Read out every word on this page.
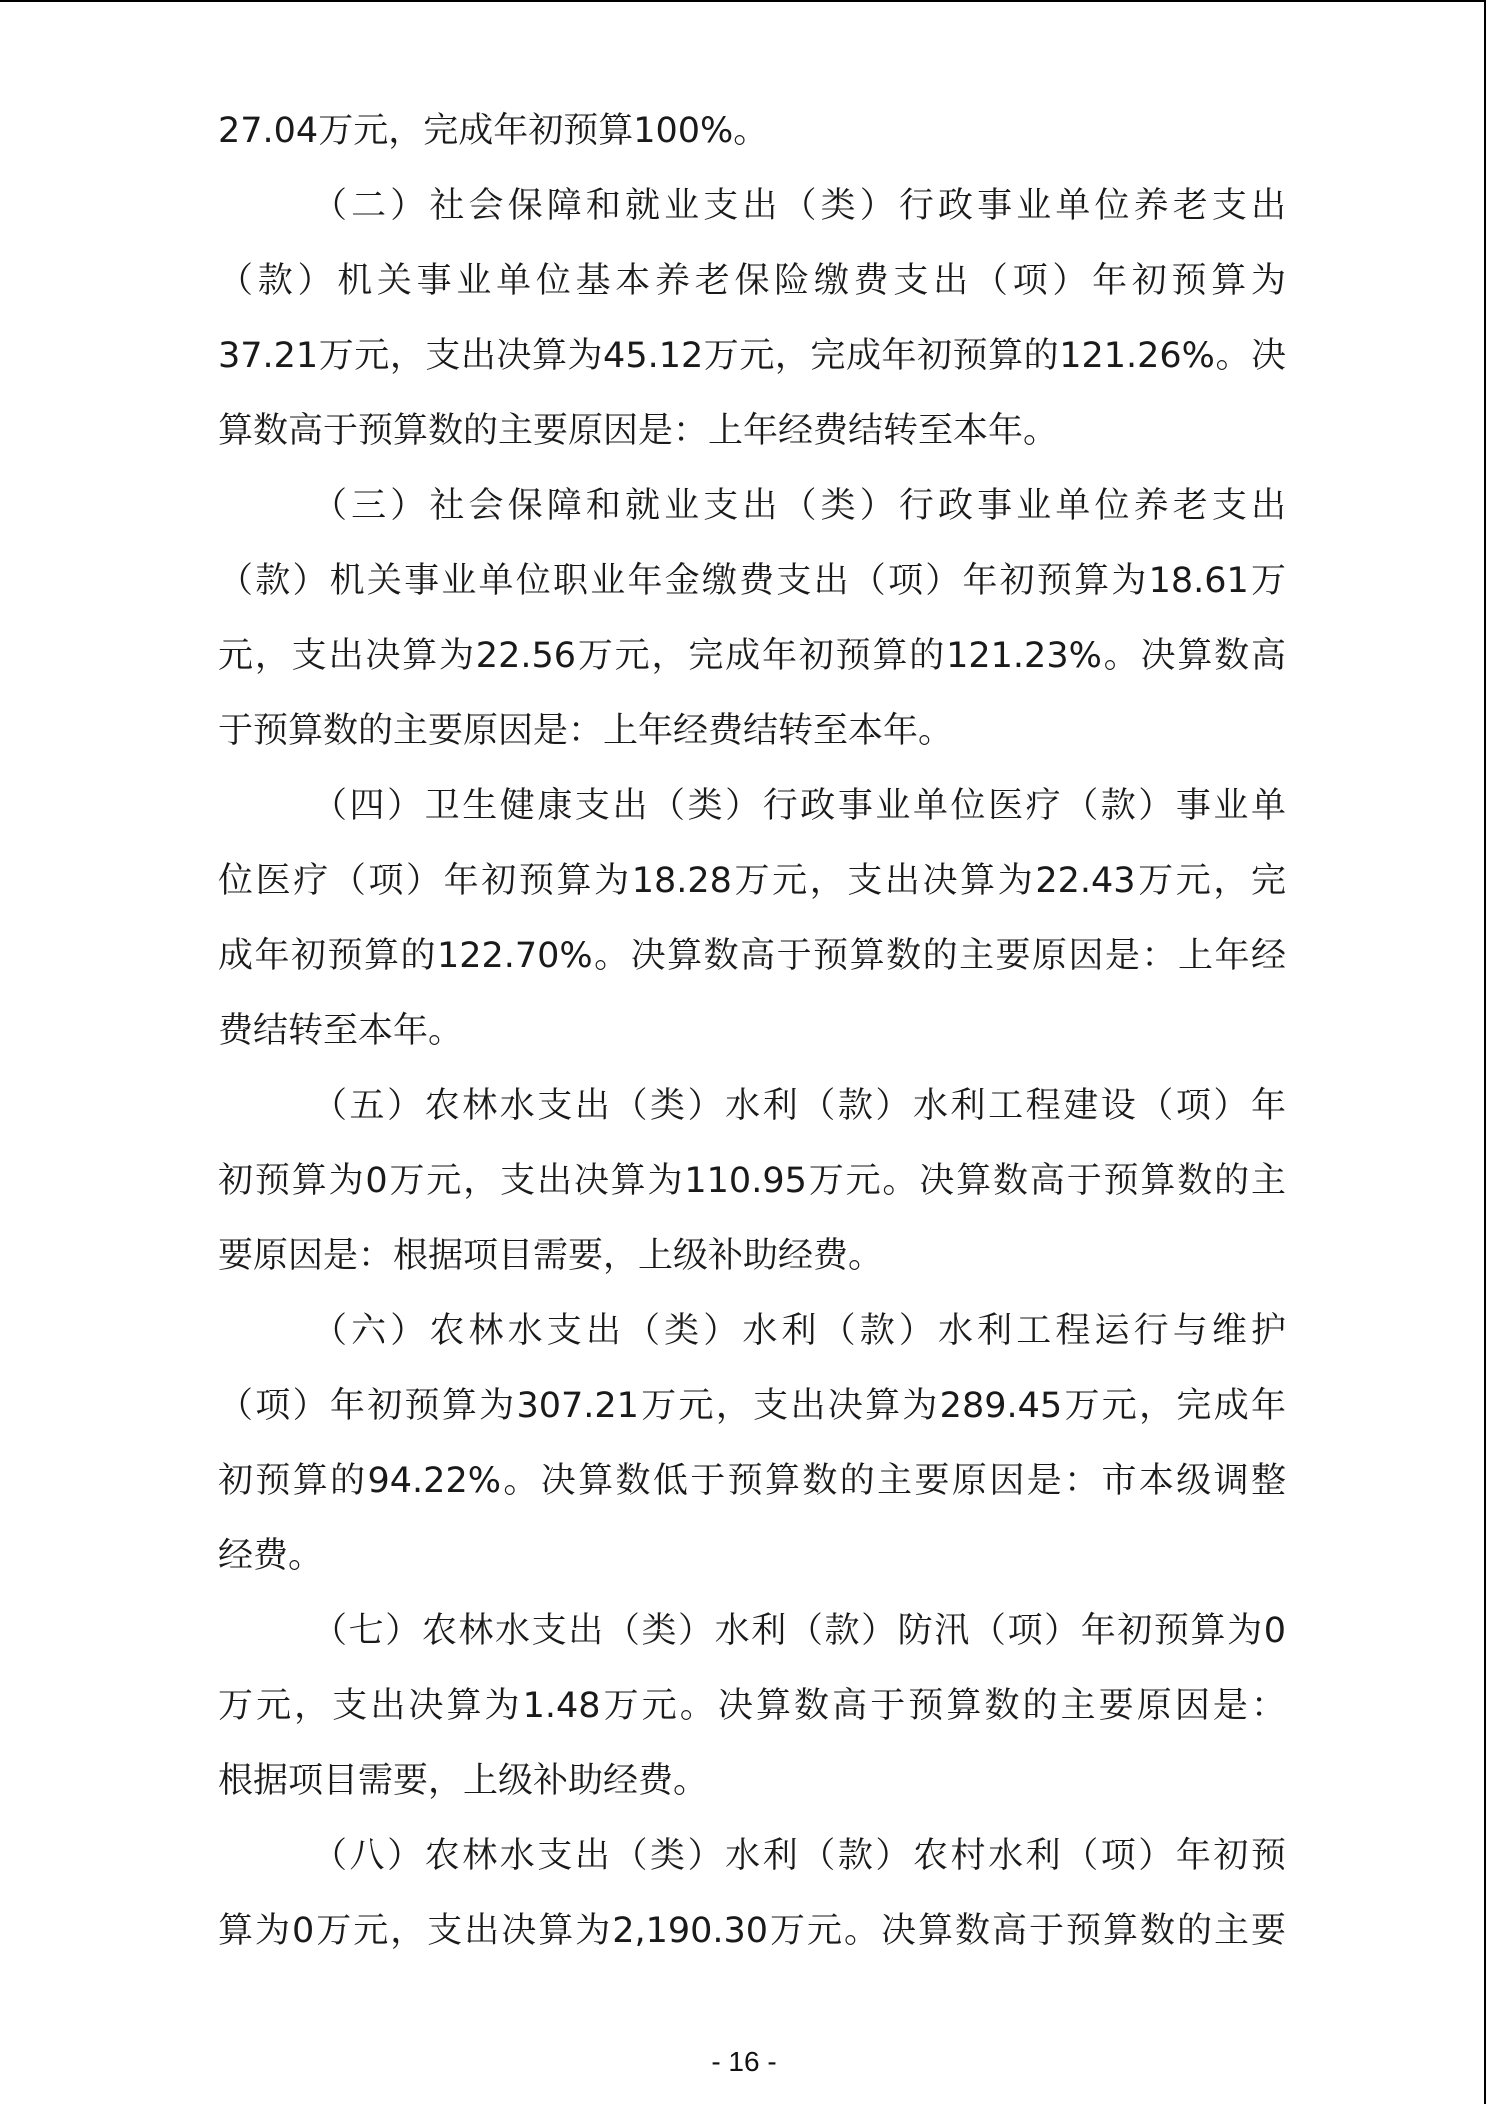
27.04万元，完成年初预算100%。
（二）社会保障和就业支出（类）行政事业单位养老支出
（款）机关事业单位基本养老保险缴费支出（项）年初预算为
37.21万元，支出决算为45.12万元，完成年初预算的121.26%。决
算数高于预算数的主要原因是：上年经费结转至本年。
（三）社会保障和就业支出（类）行政事业单位养老支出
（款）机关事业单位职业年金缴费支出（项）年初预算为18.61万
元，支出决算为22.56万元，完成年初预算的121.23%。决算数高
于预算数的主要原因是：上年经费结转至本年。
（四）卫生健康支出（类）行政事业单位医疗（款）事业单
位医疗（项）年初预算为18.28万元，支出决算为22.43万元，完
成年初预算的122.70%。决算数高于预算数的主要原因是：上年经
费结转至本年。
（五）农林水支出（类）水利（款）水利工程建设（项）年
初预算为0万元，支出决算为110.95万元。决算数高于预算数的主
要原因是：根据项目需要，上级补助经费。
（六）农林水支出（类）水利（款）水利工程运行与维护
（项）年初预算为307.21万元，支出决算为289.45万元，完成年
初预算的94.22%。决算数低于预算数的主要原因是：市本级调整
经费。
（七）农林水支出（类）水利（款）防汛（项）年初预算为0
万元，支出决算为1.48万元。决算数高于预算数的主要原因是：
根据项目需要，上级补助经费。
（八）农林水支出（类）水利（款）农村水利（项）年初预
算为0万元，支出决算为2,190.30万元。决算数高于预算数的主要
- 16 -
